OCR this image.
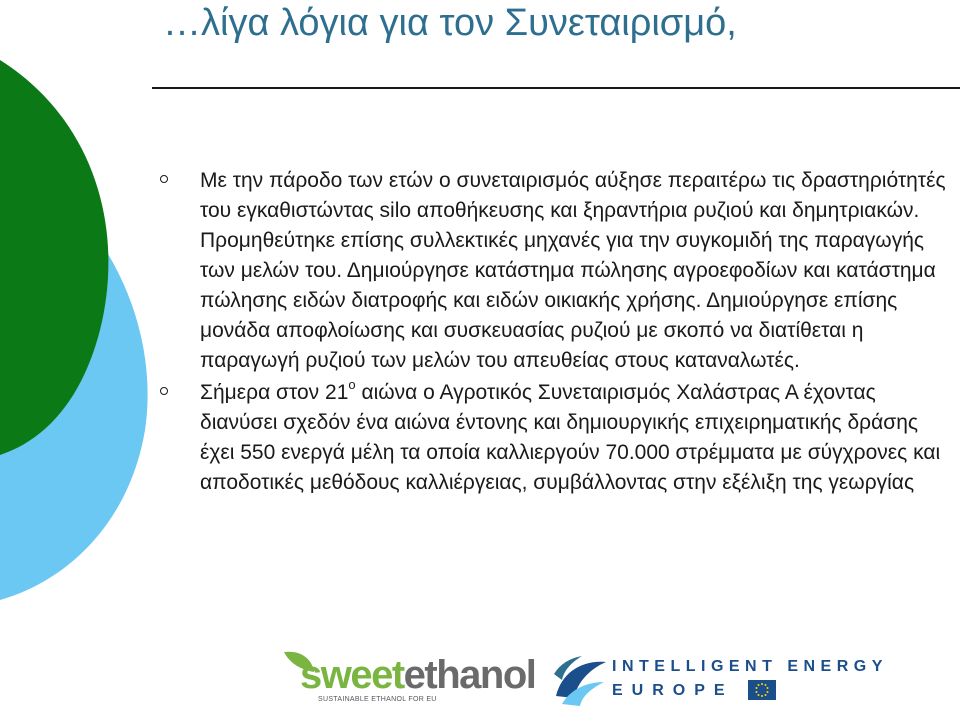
…λίγα λόγια για τον Συνεταιρισμό,
Με την πάροδο των ετών ο συνεταιρισμός αύξησε περαιτέρω τις δραστηριότητές του εγκαθιστώντας silo αποθήκευσης και ξηραντήρια ρυζιού και δημητριακών. Προμηθεύτηκε επίσης συλλεκτικές μηχανές για την συγκομιδή της παραγωγής των μελών του. Δημιούργησε κατάστημα πώλησης αγροεφοδίων και κατάστημα πώλησης ειδών διατροφής και ειδών οικιακής χρήσης. Δημιούργησε επίσης μονάδα αποφλοίωσης και συσκευασίας ρυζιού με σκοπό να διατίθεται η παραγωγή ρυζιού των μελών του απευθείας στους καταναλωτές.
Σήμερα στον $21^o$ αιώνα ο Αγροτικός Συνεταιρισμός Χαλάστρας Α έχοντας διανύσει σχεδόν ένα αιώνα έντονης και δημιουργικής επιχειρηματικής δράσης έχει 550 ενεργά μέλη τα οποία καλλιεργούν 70.000 στρέμματα με σύγχρονες και αποδοτικές μεθόδους καλλιέργειας, συμβάλλοντας στην εξέλιξη της γεωργίας
sweetethanol
SUSTAINABLE ETHANOL FOR EU
INTELLIGENT ENERGY
EUROPE
